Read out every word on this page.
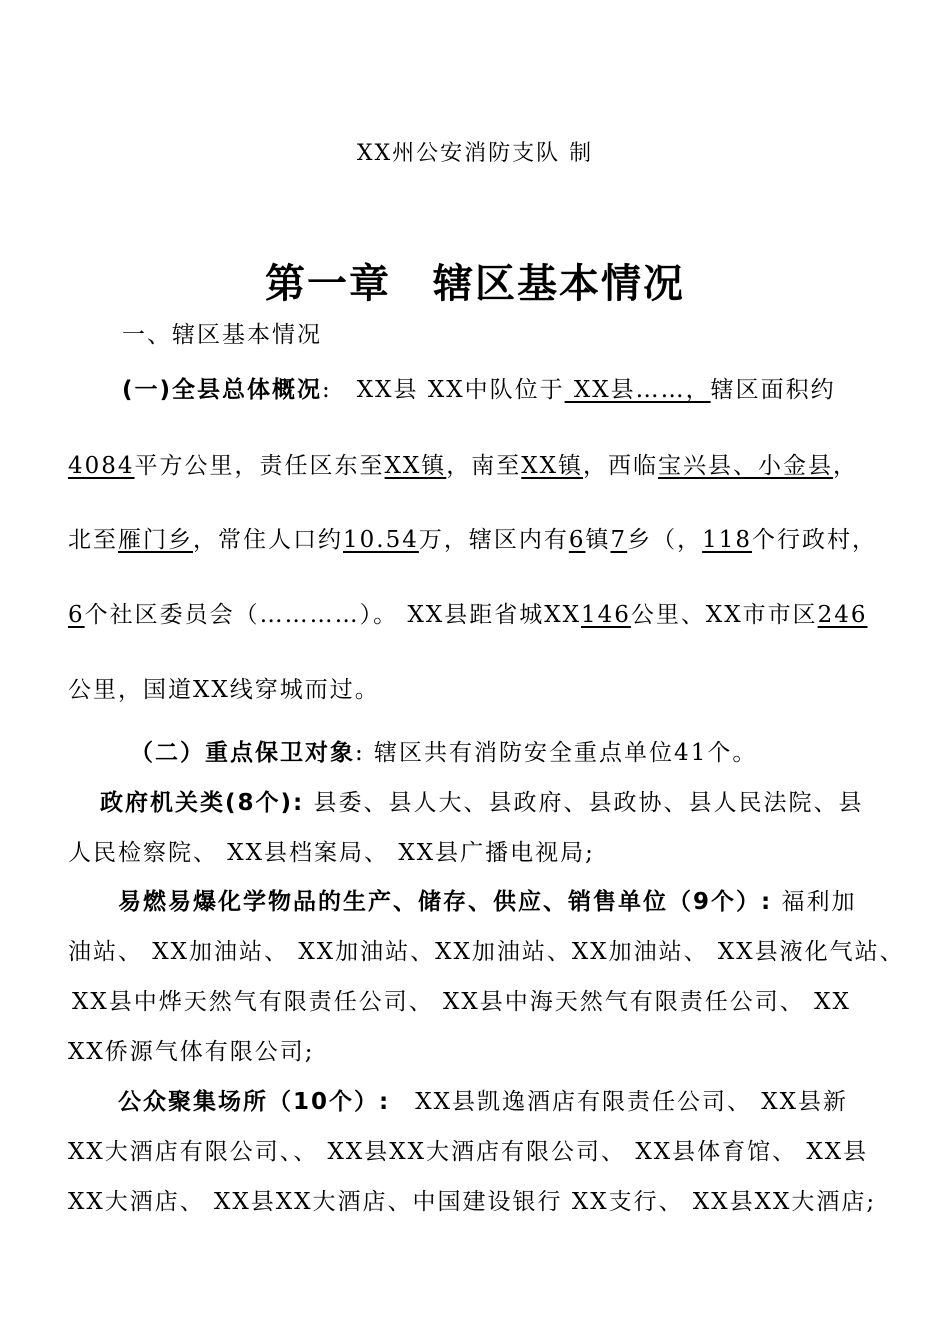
XX州公安消防支队 制
第一章　辖区基本情况
一、辖区基本情况
(一)全县总体概况:　XX县 XX中队位于 XX县……，辖区面积约
4084平方公里，责任区东至XX镇，南至XX镇，西临宝兴县、小金县，
北至雁门乡，常住人口约10.54万，辖区内有6镇7乡（，118个行政村，
6个社区委员会（…………）。 XX县距省城XX146公里、XX市市区246
公里，国道XX线穿城而过。
（二）重点保卫对象: 辖区共有消防安全重点单位41个。
政府机关类(8个): 县委、县人大、县政府、县政协、县人民法院、县
人民检察院、 XX县档案局、 XX县广播电视局;
易燃易爆化学物品的生产、储存、供应、销售单位（9个）: 福利加
油站、 XX加油站、 XX加油站、XX加油站、XX加油站、 XX县液化气站、
XX县中烨天然气有限责任公司、 XX县中海天然气有限责任公司、 XX
XX侨源气体有限公司;
公众聚集场所（10个）:　XX县凯逸酒店有限责任公司、 XX县新
XX大酒店有限公司、、 XX县XX大酒店有限公司、 XX县体育馆、 XX县
XX大酒店、 XX县XX大酒店、中国建设银行 XX支行、 XX县XX大酒店;
